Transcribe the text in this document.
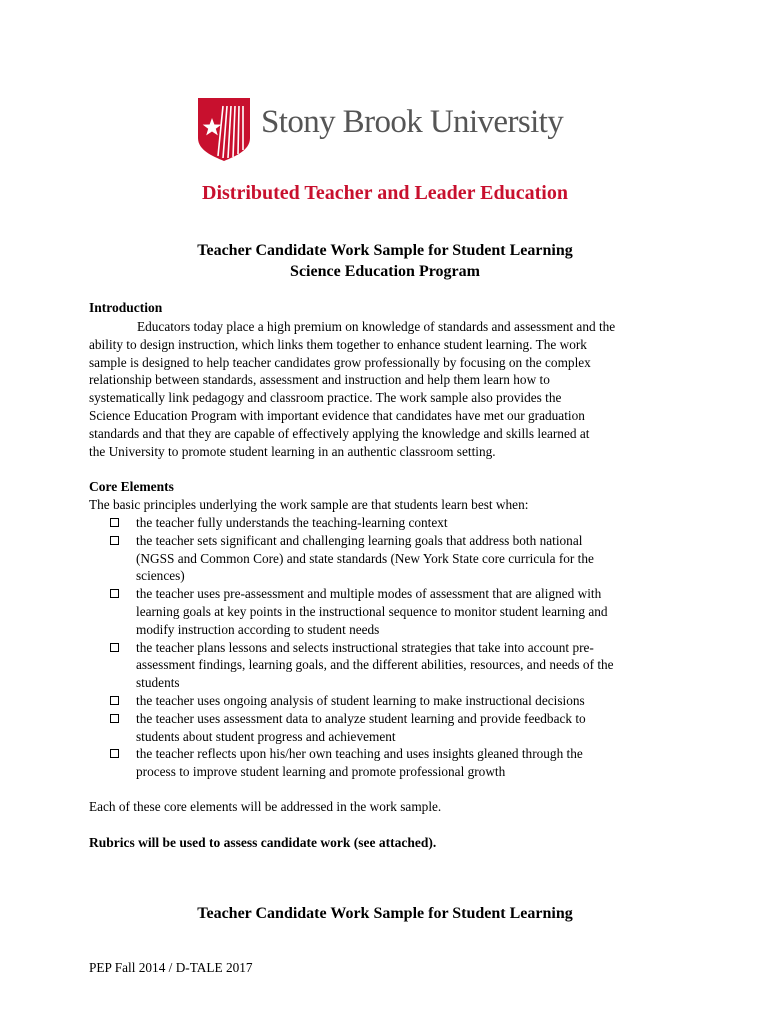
Stony Brook University
Distributed Teacher and Leader Education
Teacher Candidate Work Sample for Student Learning
Science Education Program
Introduction
Educators today place a high premium on knowledge of standards and assessment and the
ability to design instruction, which links them together to enhance student learning. The work
sample is designed to help teacher candidates grow professionally by focusing on the complex
relationship between standards, assessment and instruction and help them learn how to
systematically link pedagogy and classroom practice. The work sample also provides the
Science Education Program with important evidence that candidates have met our graduation
standards and that they are capable of effectively applying the knowledge and skills learned at
the University to promote student learning in an authentic classroom setting.
Core Elements
The basic principles underlying the work sample are that students learn best when:
the teacher fully understands the teaching-learning context
the teacher sets significant and challenging learning goals that address both national
(NGSS and Common Core) and state standards (New York State core curricula for the
sciences)
the teacher uses pre-assessment and multiple modes of assessment that are aligned with
learning goals at key points in the instructional sequence to monitor student learning and
modify instruction according to student needs
the teacher plans lessons and selects instructional strategies that take into account pre-
assessment findings, learning goals, and the different abilities, resources, and needs of the
students
the teacher uses ongoing analysis of student learning to make instructional decisions
the teacher uses assessment data to analyze student learning and provide feedback to
students about student progress and achievement
the teacher reflects upon his/her own teaching and uses insights gleaned through the
process to improve student learning and promote professional growth
Each of these core elements will be addressed in the work sample.
Rubrics will be used to assess candidate work (see attached).
Teacher Candidate Work Sample for Student Learning
PEP Fall 2014 / D-TALE 2017
